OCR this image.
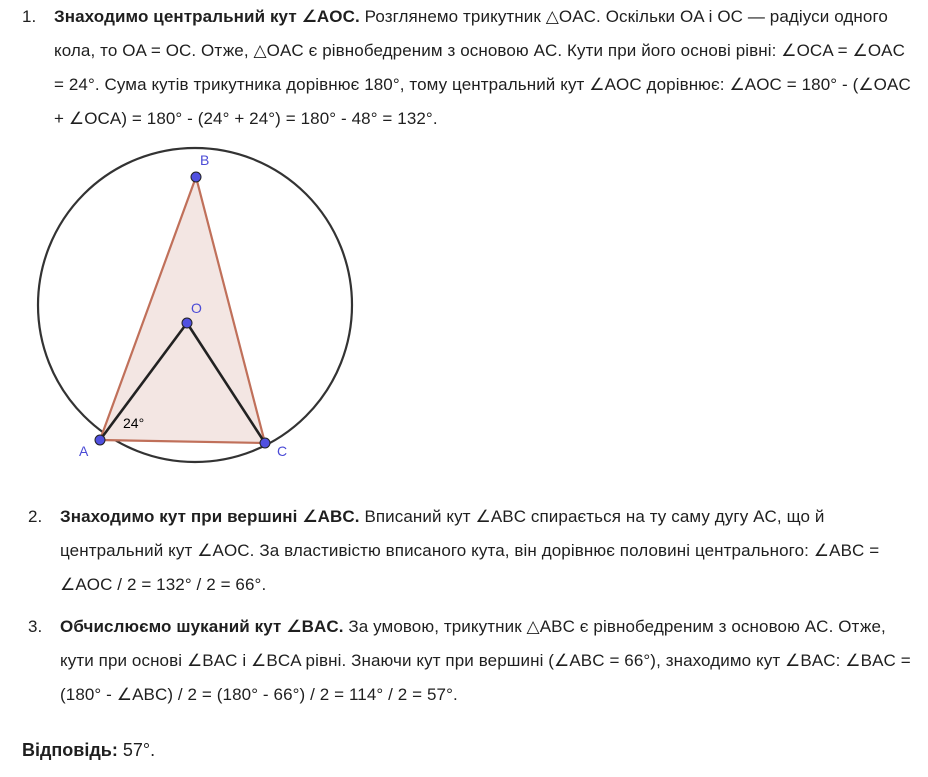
1. Знаходимо центральний кут ∠AOC. Розглянемо трикутник △OAC. Оскільки OA і OC — радіуси одного кола, то OA = OC. Отже, △OAC є рівнобедреним з основою AC. Кути при його основі рівні: ∠OCA = ∠OAC = 24°. Сума кутів трикутника дорівнює 180°, тому центральний кут ∠AOC дорівнює: ∠AOC = 180° - (∠OAC + ∠OCA) = 180° - (24° + 24°) = 180° - 48° = 132°.
A
B
C
O
24°
2. Знаходимо кут при вершині ∠ABC. Вписаний кут ∠ABC спирається на ту саму дугу AC, що й центральний кут ∠AOC. За властивістю вписаного кута, він дорівнює половині центрального: ∠ABC = ∠AOC / 2 = 132° / 2 = 66°.
3. Обчислюємо шуканий кут ∠BAC. За умовою, трикутник △ABC є рівнобедреним з основою AC. Отже, кути при основі ∠BAC і ∠BCA рівні. Знаючи кут при вершині (∠ABC = 66°), знаходимо кут ∠BAC: ∠BAC = (180° - ∠ABC) / 2 = (180° - 66°) / 2 = 114° / 2 = 57°.
Відповідь: 57°.
